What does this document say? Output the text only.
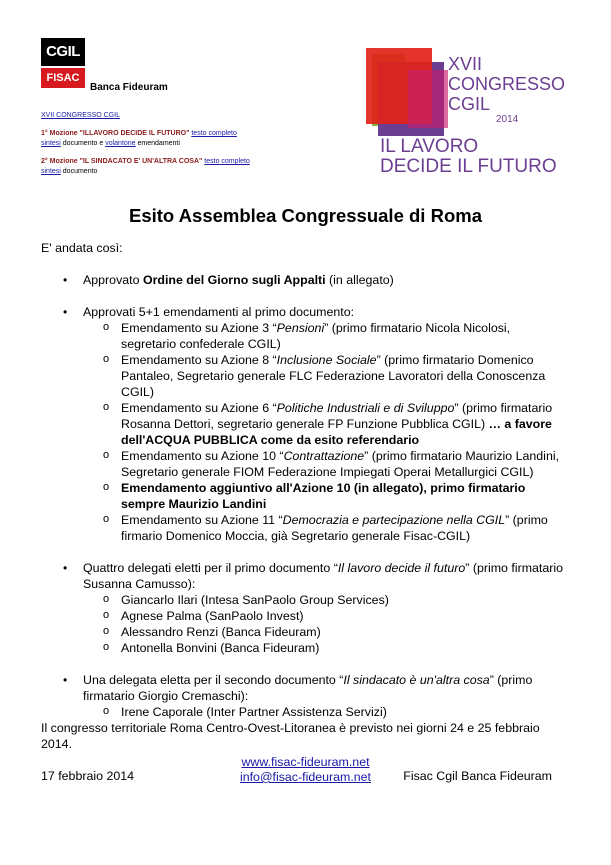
CGIL
FISAC
Banca Fideuram

XVII CONGRESSO CGIL

1° Mozione "ILLAVORO DECIDE IL FUTURO" testo completo
sintesi documento e volantone emendamenti

2° Mozione "IL SINDACATO E' UN'ALTRA COSA" testo completo
sintesi documento

XVII
CONGRESSO
CGIL
2014
IL LAVORO
DECIDE IL FUTURO
Esito Assemblea Congressuale di Roma

E' andata così:

• Approvato Ordine del Giorno sugli Appalti (in allegato)
• Approvati 5+1 emendamenti al primo documento:
o Emendamento su Azione 3 “Pensioni” (primo firmatario Nicola Nicolosi, segretario confederale CGIL)
o Emendamento su Azione 8 “Inclusione Sociale” (primo firmatario Domenico Pantaleo, Segretario generale FLC Federazione Lavoratori della Conoscenza CGIL)
o Emendamento su Azione 6 “Politiche Industriali e di Sviluppo” (primo firmatario Rosanna Dettori, segretario generale FP Funzione Pubblica CGIL) … a favore dell'ACQUA PUBBLICA come da esito referendario
o Emendamento su Azione 10 “Contrattazione” (primo firmatario Maurizio Landini, Segretario generale FIOM Federazione Impiegati Operai Metallurgici CGIL)
o Emendamento aggiuntivo all'Azione 10 (in allegato), primo firmatario sempre Maurizio Landini
o Emendamento su Azione 11 “Democrazia e partecipazione nella CGIL” (primo firmario Domenico Moccia, già Segretario generale Fisac-CGIL)
• Quattro delegati eletti per il primo documento “Il lavoro decide il futuro” (primo firmatario Susanna Camusso):
o Giancarlo Ilari (Intesa SanPaolo Group Services)
o Agnese Palma (SanPaolo Invest)
o Alessandro Renzi (Banca Fideuram)
o Antonella Bonvini (Banca Fideuram)
• Una delegata eletta per il secondo documento “Il sindacato è un'altra cosa” (primo firmatario Giorgio Cremaschi):
o Irene Caporale (Inter Partner Assistenza Servizi)

Il congresso territoriale Roma Centro-Ovest-Litoranea è previsto nei giorni 24 e 25 febbraio 2014.

17 febbraio 2014	Fisac Cgil Banca Fideuram
www.fisac-fideuram.net
info@fisac-fideuram.net
